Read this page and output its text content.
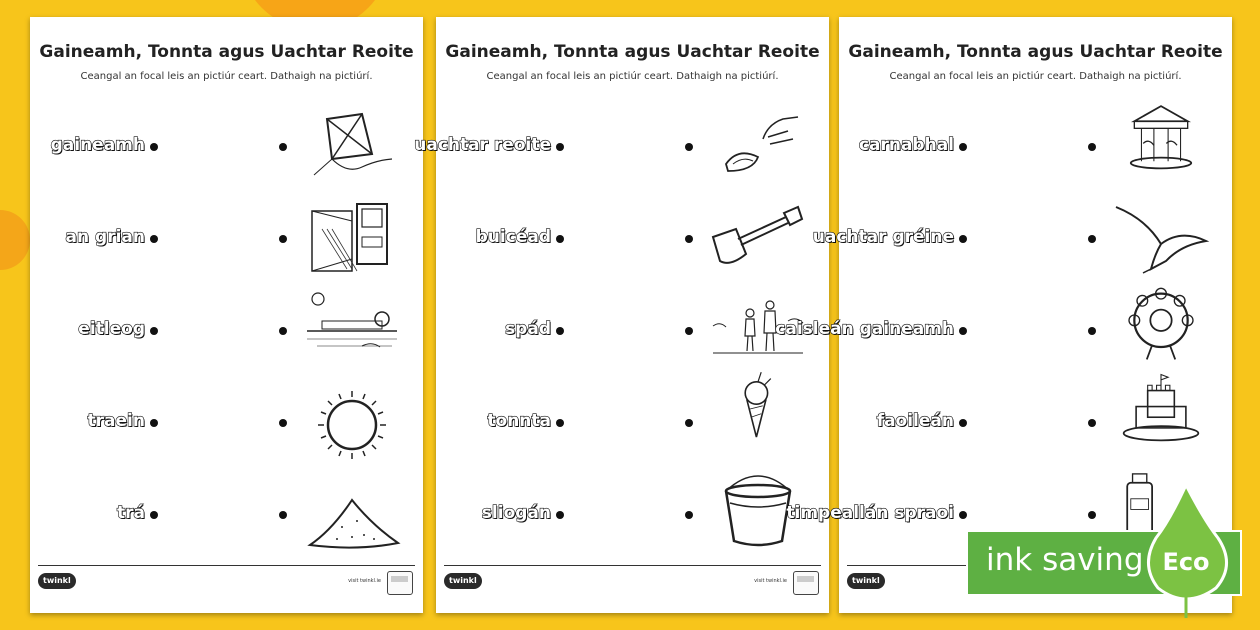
Gaineamh, Tonnta agus Uachtar Reoite
Ceangal an focal leis an pictiúr ceart. Dathaigh na pictiúrí.
gaineamh
an grian
eitleog
traein
trá
twinkl	visit twinkl.ie
Gaineamh, Tonnta agus Uachtar Reoite
Ceangal an focal leis an pictiúr ceart. Dathaigh na pictiúrí.
uachtar reoite
buicéad
spád
tonnta
sliogán
twinkl	visit twinkl.ie
Gaineamh, Tonnta agus Uachtar Reoite
Ceangal an focal leis an pictiúr ceart. Dathaigh na pictiúrí.
carnabhal
uachtar gréine
caisleán gaineamh
faoileán
timpeallán spraoi
twinkl
ink saving Eco
